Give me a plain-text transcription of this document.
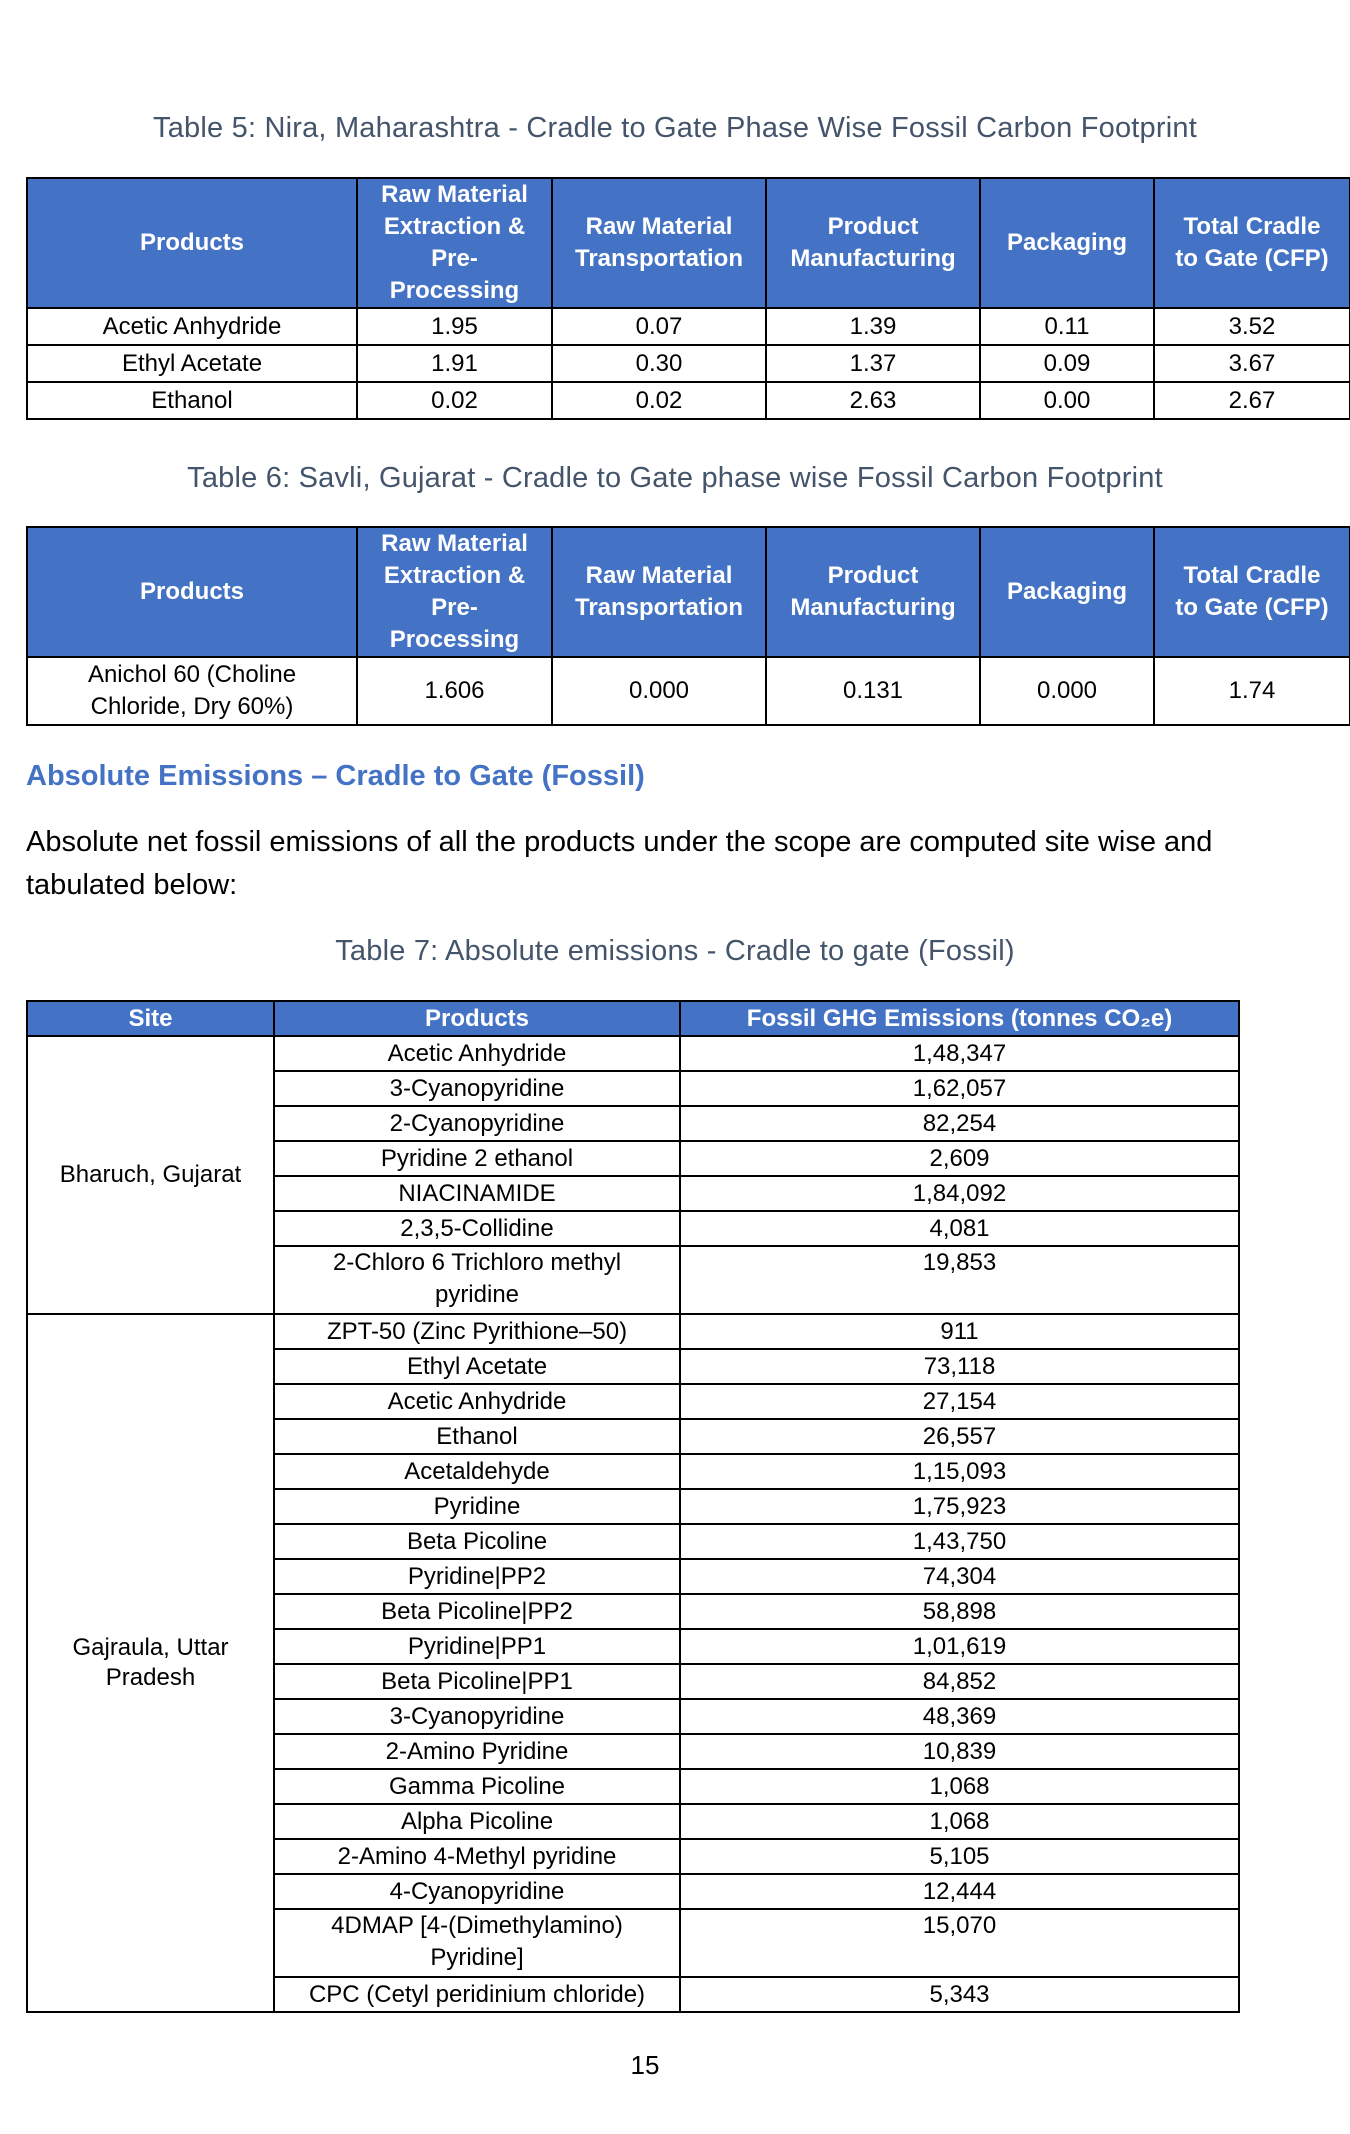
Table 5: Nira, Maharashtra - Cradle to Gate Phase Wise Fossil Carbon Footprint
Products	Raw Material Extraction & Pre-Processing	Raw Material Transportation	Product Manufacturing	Packaging	Total Cradle to Gate (CFP)
Acetic Anhydride	1.95	0.07	1.39	0.11	3.52
Ethyl Acetate	1.91	0.30	1.37	0.09	3.67
Ethanol	0.02	0.02	2.63	0.00	2.67
Table 6: Savli, Gujarat - Cradle to Gate phase wise Fossil Carbon Footprint
Products	Raw Material Extraction & Pre-Processing	Raw Material Transportation	Product Manufacturing	Packaging	Total Cradle to Gate (CFP)
Anichol 60 (Choline Chloride, Dry 60%)	1.606	0.000	0.131	0.000	1.74
Absolute Emissions – Cradle to Gate (Fossil)
Absolute net fossil emissions of all the products under the scope are computed site wise and tabulated below:
Table 7: Absolute emissions - Cradle to gate (Fossil)
Site	Products	Fossil GHG Emissions (tonnes CO₂e)
Bharuch, Gujarat	Acetic Anhydride	1,48,347
	3-Cyanopyridine	1,62,057
	2-Cyanopyridine	82,254
	Pyridine 2 ethanol	2,609
	NIACINAMIDE	1,84,092
	2,3,5-Collidine	4,081
	2-Chloro 6 Trichloro methyl pyridine	19,853
Gajraula, Uttar Pradesh	ZPT-50 (Zinc Pyrithione–50)	911
	Ethyl Acetate	73,118
	Acetic Anhydride	27,154
	Ethanol	26,557
	Acetaldehyde	1,15,093
	Pyridine	1,75,923
	Beta Picoline	1,43,750
	Pyridine|PP2	74,304
	Beta Picoline|PP2	58,898
	Pyridine|PP1	1,01,619
	Beta Picoline|PP1	84,852
	3-Cyanopyridine	48,369
	2-Amino Pyridine	10,839
	Gamma Picoline	1,068
	Alpha Picoline	1,068
	2-Amino 4-Methyl pyridine	5,105
	4-Cyanopyridine	12,444
	4DMAP [4-(Dimethylamino) Pyridine]	15,070
	CPC (Cetyl peridinium chloride)	5,343
15
